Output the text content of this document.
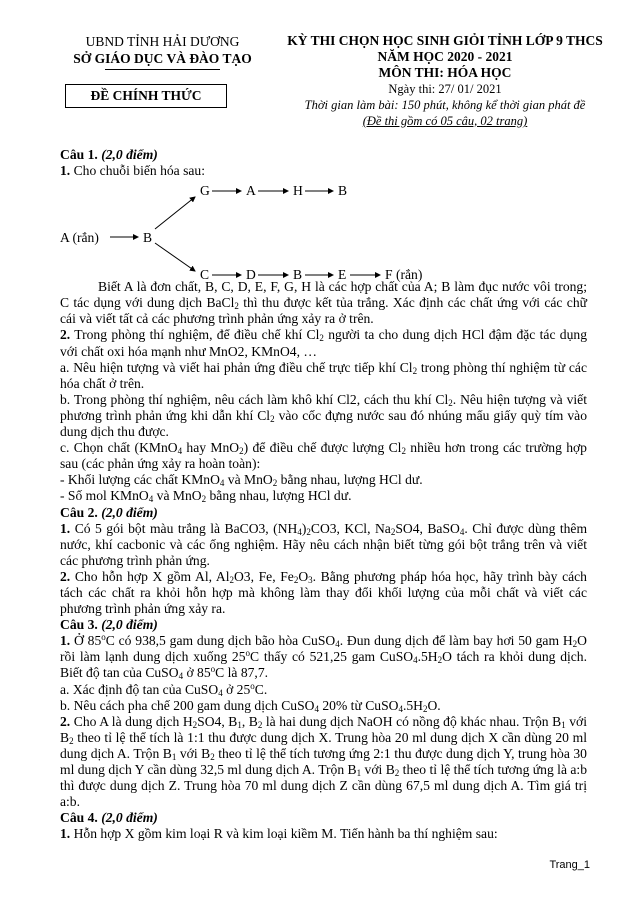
UBND TỈNH HẢI DƯƠNG
SỞ GIÁO DỤC VÀ ĐÀO TẠO
ĐỀ CHÍNH THỨC
KỲ THI CHỌN HỌC SINH GIỎI TỈNH LỚP 9 THCS
NĂM HỌC 2020 - 2021
MÔN THI: HÓA HỌC
Ngày thi: 27/ 01/ 2021
Thời gian làm bài: 150 phút, không kể thời gian phát đề
(Đề thi gồm có 05 câu, 02 trang)

Câu 1. (2,0 điểm)

1. Cho chuỗi biến hóa sau:

A (rắn)	B
G	A	H	B
C	D	B	E	F (rắn)

Biết A là đơn chất, B, C, D, E, F, G, H là các hợp chất của A; B làm đục nước vôi trong; C tác dụng với dung dịch BaCl$_2$ thì thu được kết tủa trắng. Xác định các chất ứng với các chữ cái và viết tất cả các phương trình phản ứng xảy ra ở trên.

2. Trong phòng thí nghiệm, để điều chế khí $Cl_2$ người ta cho dung dịch HCl đậm đặc tác dụng với chất oxi hóa mạnh như MnO2, KMnO4, …

a. Nêu hiện tượng và viết hai phản ứng điều chế trực tiếp khí $Cl_2$ trong phòng thí nghiệm từ các hóa chất ở trên.

b. Trong phòng thí nghiệm, nêu cách làm khô khí Cl2, cách thu khí $Cl_2$. Nêu hiện tượng và viết phương trình phản ứng khi dẫn khí $Cl_2$ vào cốc đựng nước sau đó nhúng mẩu giấy quỳ tím vào dung dịch thu được.

c. Chọn chất (KMnO$_4$ hay MnO$_2$) để điều chế được lượng $Cl_2$ nhiều hơn trong các trường hợp sau (các phản ứng xảy ra hoàn toàn):

- Khối lượng các chất KMnO$_4$ và MnO$_2$ bằng nhau, lượng HCl dư.

- Số mol KMnO$_4$ và MnO$_2$ bằng nhau, lượng HCl dư.

Câu 2. (2,0 điểm)

1. Có 5 gói bột màu trắng là BaCO3, $(NH_4)_2CO3$, KCl, $Na_2SO4$, BaSO$_4$. Chỉ được dùng thêm nước, khí cacbonic và các ống nghiệm. Hãy nêu cách nhận biết từng gói bột trắng trên và viết các phương trình phản ứng.

2. Cho hỗn hợp X gồm Al, $Al_2O3$, Fe, $Fe_2O_3$. Bằng phương pháp hóa học, hãy trình bày cách tách các chất ra khỏi hỗn hợp mà không làm thay đổi khối lượng của mỗi chất và viết các phương trình phản ứng xảy ra.

Câu 3. (2,0 điểm)

1. Ở 85$^o$C có 938,5 gam dung dịch bão hòa CuSO$_4$. Đun dung dịch để làm bay hơi 50 gam $H_2O$ rồi làm lạnh dung dịch xuống 25$^o$C thấy có 521,25 gam $CuSO_4.5H_2O$ tách ra khỏi dung dịch. Biết độ tan của CuSO$_4$ ở 85$^o$C là 87,7.

a. Xác định độ tan của CuSO$_4$ ở 25$^o$C.

b. Nêu cách pha chế 200 gam dung dịch CuSO$_4$ 20% từ $CuSO_4.5H_2O$.

2. Cho A là dung dịch $H_2SO4$, $B_1$, $B_2$ là hai dung dịch NaOH có nồng độ khác nhau. Trộn $B_1$ với $B_2$ theo tỉ lệ thể tích là 1:1 thu được dung dịch X. Trung hòa 20 ml dung dịch X cần dùng 20 ml dung dịch A. Trộn $B_1$ với $B_2$ theo tỉ lệ thể tích tương ứng 2:1 thu được dung dịch Y, trung hòa 30 ml dung dịch Y cần dùng 32,5 ml dung dịch A. Trộn $B_1$ với $B_2$ theo tỉ lệ thể tích tương ứng là a:b thì được dung dịch Z. Trung hòa 70 ml dung dịch Z cần dùng 67,5 ml dung dịch A. Tìm giá trị a:b.

Câu 4. (2,0 điểm)

1. Hỗn hợp X gồm kim loại R và kim loại kiềm M. Tiến hành ba thí nghiệm sau:

Trang_1
